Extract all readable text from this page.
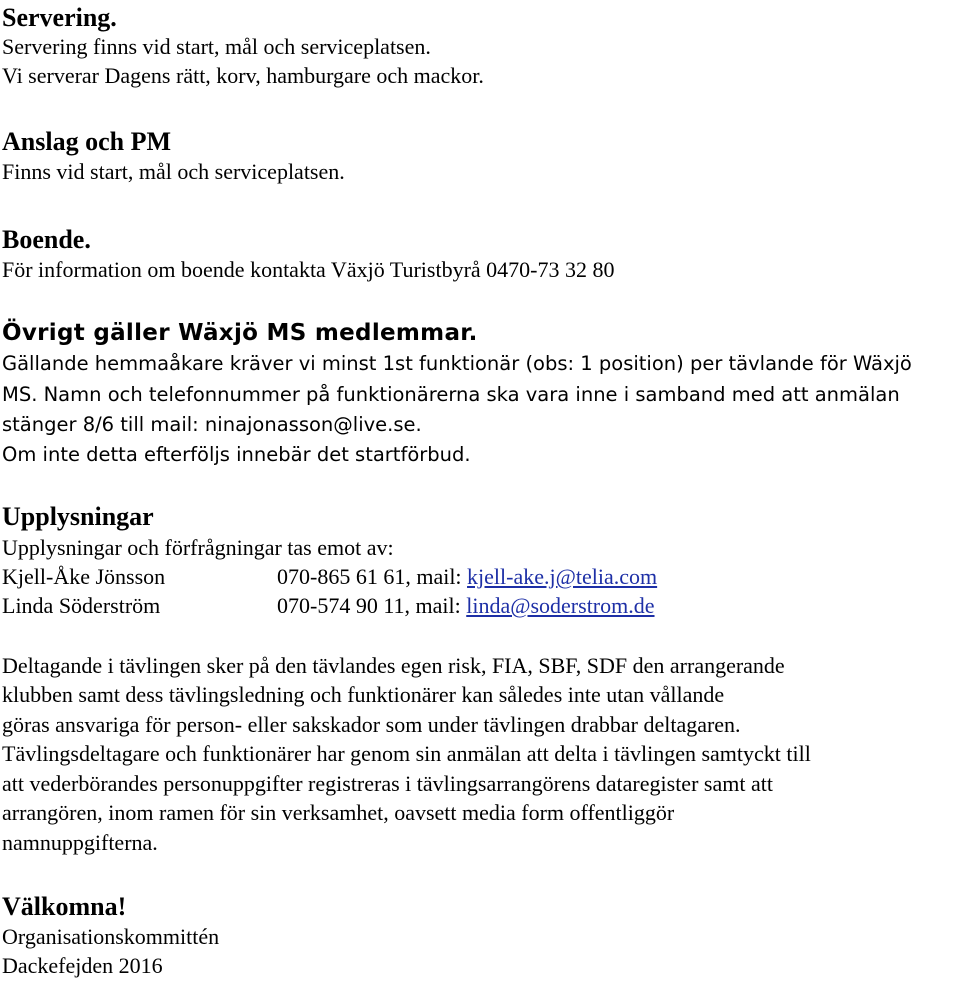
Servering.
Servering finns vid start, mål och serviceplatsen.
Vi serverar Dagens rätt, korv, hamburgare och mackor.
Anslag och PM
Finns vid start, mål och serviceplatsen.
Boende.
För information om boende kontakta Växjö Turistbyrå 0470-73 32 80
Övrigt gäller Wäxjö MS medlemmar.
Gällande hemmaåkare kräver vi minst 1st funktionär (obs: 1 position) per tävlande för Wäxjö
MS. Namn och telefonnummer på funktionärerna ska vara inne i samband med att anmälan
stänger 8/6 till mail: ninajonasson@live.se.
Om inte detta efterföljs innebär det startförbud.
Upplysningar
Upplysningar och förfrågningar tas emot av:
Kjell-Åke Jönsson	070-865 61 61, mail: kjell-ake.j@telia.com
Linda Söderström	070-574 90 11, mail: linda@soderstrom.de
Deltagande i tävlingen sker på den tävlandes egen risk, FIA, SBF, SDF den arrangerande
klubben samt dess tävlingsledning och funktionärer kan således inte utan vållande
göras ansvariga för person- eller sakskador som under tävlingen drabbar deltagaren.
Tävlingsdeltagare och funktionärer har genom sin anmälan att delta i tävlingen samtyckt till
att vederbörandes personuppgifter registreras i tävlingsarrangörens dataregister samt att
arrangören, inom ramen för sin verksamhet, oavsett media form offentliggör
namnuppgifterna.
Välkomna!
Organisationskommittén
Dackefejden 2016
